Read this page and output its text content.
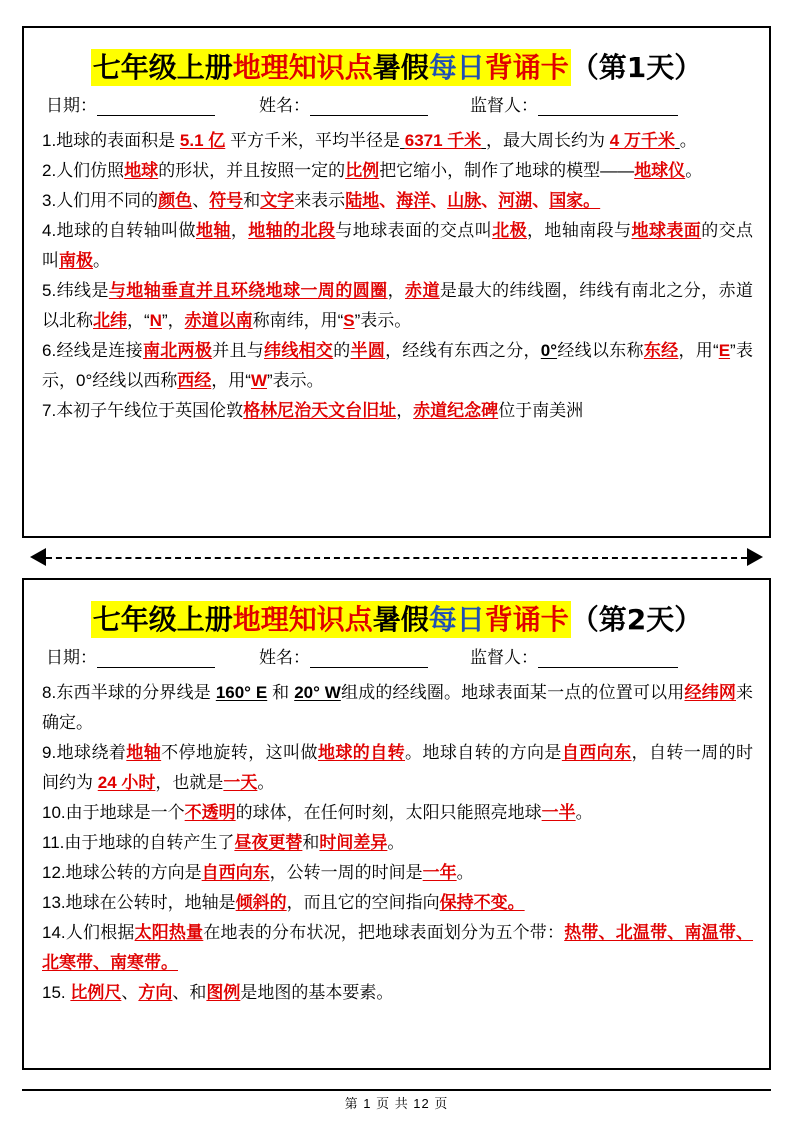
七年级上册地理知识点暑假每日背诵卡（第1天）
日期：	姓名：	监督人：
1.地球的表面积是 5.1 亿 平方千米，平均半径是 6371 千米 ，最大周长约为 4 万千米 。
2.人们仿照地球的形状，并且按照一定的比例把它缩小，制作了地球的模型——地球仪。
3.人们用不同的颜色、符号和文字来表示陆地、海洋、山脉、河湖、国家。
4.地球的自转轴叫做地轴，地轴的北段与地球表面的交点叫北极，地轴南段与地球表面的交点叫南极。
5.纬线是与地轴垂直并且环绕地球一周的圆圈，赤道是最大的纬线圈，纬线有南北之分，赤道以北称北纬，“N”，赤道以南称南纬，用“S”表示。
6.经线是连接南北两极并且与纬线相交的半圆，经线有东西之分，0°经线以东称东经，用“E”表示，0°经线以西称西经，用“W”表示。
7.本初子午线位于英国伦敦格林尼治天文台旧址，赤道纪念碑位于南美洲
七年级上册地理知识点暑假每日背诵卡（第2天）
日期：	姓名：	监督人：
8.东西半球的分界线是 160° E 和 20° W组成的经线圈。地球表面某一点的位置可以用经纬网来确定。
9.地球绕着地轴不停地旋转，这叫做地球的自转。地球自转的方向是自西向东，自转一周的时间约为 24 小时，也就是一天。
10.由于地球是一个不透明的球体，在任何时刻，太阳只能照亮地球一半。
11.由于地球的自转产生了昼夜更替和时间差异。
12.地球公转的方向是自西向东，公转一周的时间是一年。
13.地球在公转时，地轴是倾斜的，而且它的空间指向保持不变。
14.人们根据太阳热量在地表的分布状况，把地球表面划分为五个带：热带、北温带、南温带、北寒带、南寒带。
15. 比例尺、方向、和图例是地图的基本要素。
第 1 页 共 12 页
